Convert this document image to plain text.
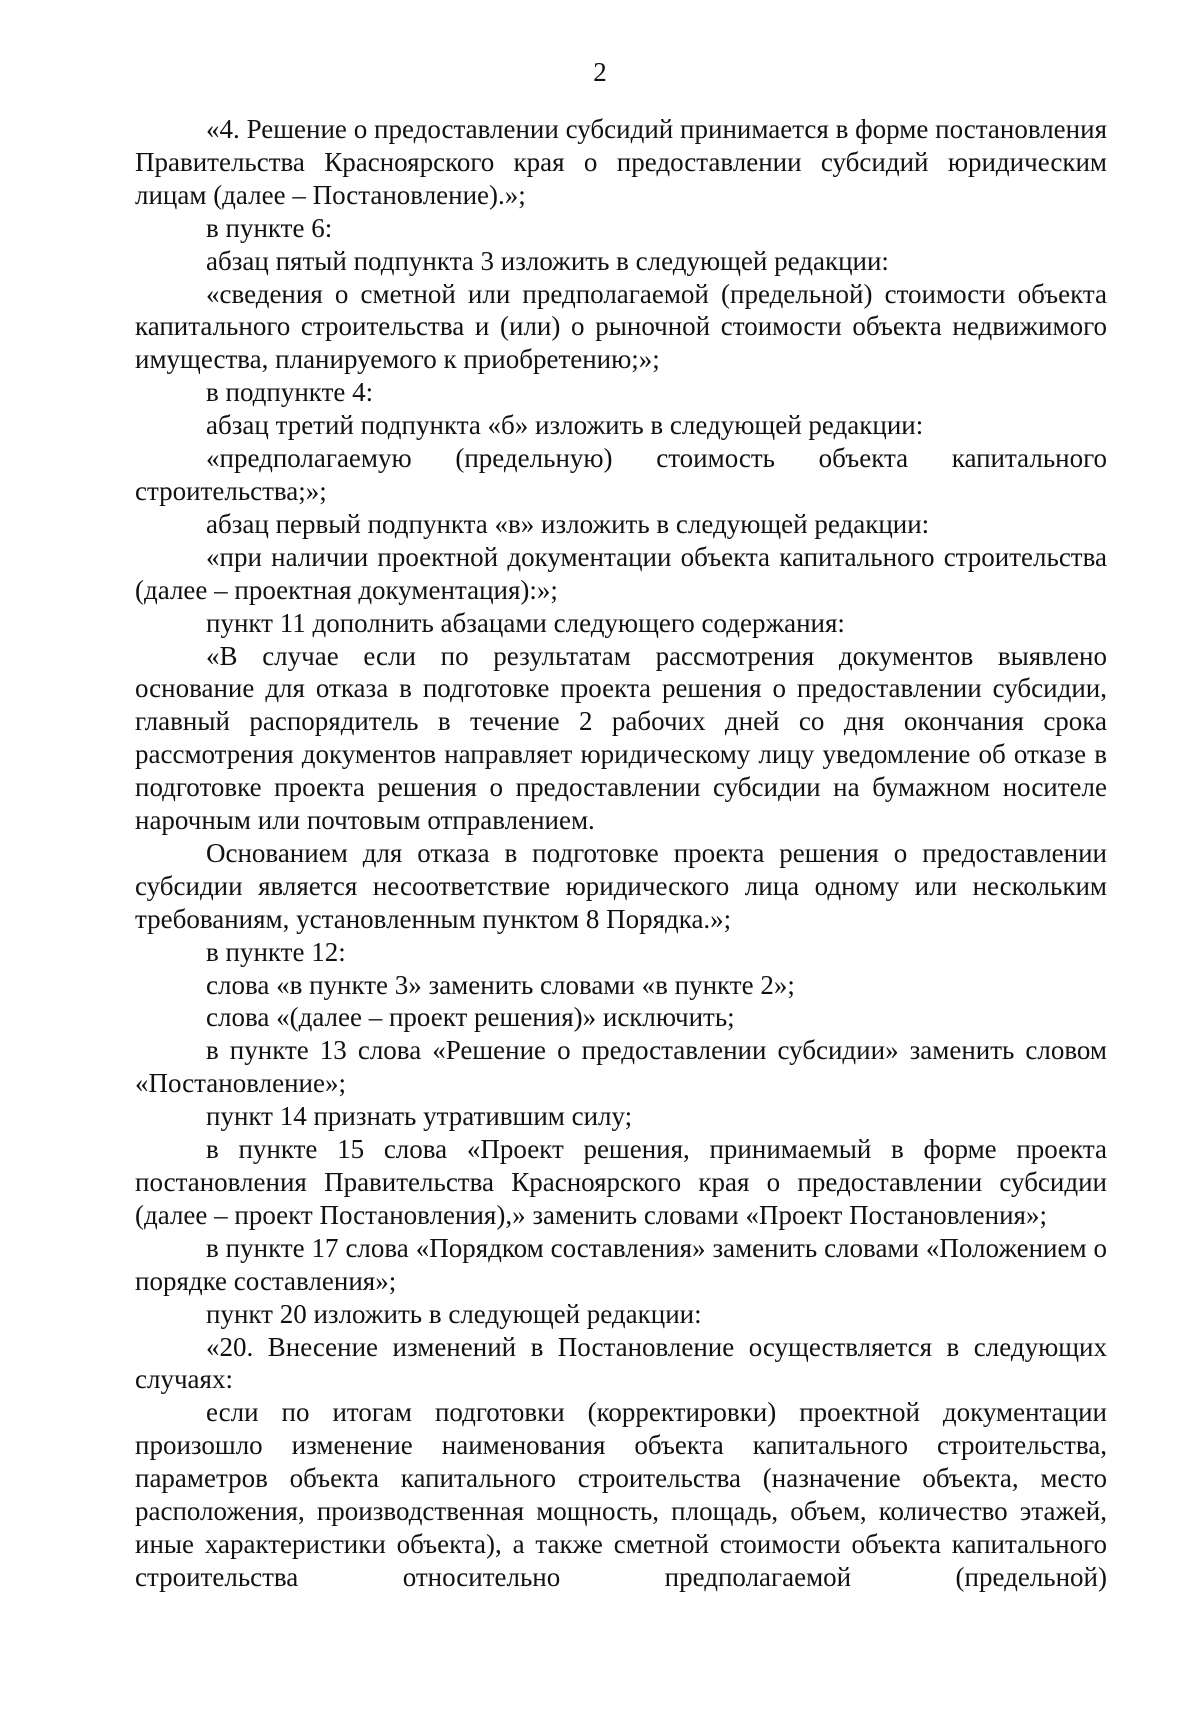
2

«4. Решение о предоставлении субсидий принимается в форме постановления Правительства Красноярского края о предоставлении субсидий юридическим лицам (далее – Постановление).»;

в пункте 6:

абзац пятый подпункта 3 изложить в следующей редакции:

«сведения о сметной или предполагаемой (предельной) стоимости объекта капитального строительства и (или) о рыночной стоимости объекта недвижимого имущества, планируемого к приобретению;»;

в подпункте 4:

абзац третий подпункта «б» изложить в следующей редакции:

«предполагаемую (предельную) стоимость объекта капитального строительства;»;

абзац первый подпункта «в» изложить в следующей редакции:

«при наличии проектной документации объекта капитального строительства (далее – проектная документация):»;

пункт 11 дополнить абзацами следующего содержания:

«В случае если по результатам рассмотрения документов выявлено основание для отказа в подготовке проекта решения о предоставлении субсидии, главный распорядитель в течение 2 рабочих дней со дня окончания срока рассмотрения документов направляет юридическому лицу уведомление об отказе в подготовке проекта решения о предоставлении субсидии на бумажном носителе нарочным или почтовым отправлением.

Основанием для отказа в подготовке проекта решения о предоставлении субсидии является несоответствие юридического лица одному или нескольким требованиям, установленным пунктом 8 Порядка.»;

в пункте 12:

слова «в пункте 3» заменить словами «в пункте 2»;

слова «(далее – проект решения)» исключить;

в пункте 13 слова «Решение о предоставлении субсидии» заменить словом «Постановление»;

пункт 14 признать утратившим силу;

в пункте 15 слова «Проект решения, принимаемый в форме проекта постановления Правительства Красноярского края о предоставлении субсидии (далее – проект Постановления),» заменить словами «Проект Постановления»;

в пункте 17 слова «Порядком составления» заменить словами «Положением о порядке составления»;

пункт 20 изложить в следующей редакции:

«20. Внесение изменений в Постановление осуществляется в следующих случаях:

если по итогам подготовки (корректировки) проектной документации произошло изменение наименования объекта капитального строительства, параметров объекта капитального строительства (назначение объекта, место расположения, производственная мощность, площадь, объем, количество этажей, иные характеристики объекта), а также сметной стоимости объекта капитального строительства относительно предполагаемой (предельной)
